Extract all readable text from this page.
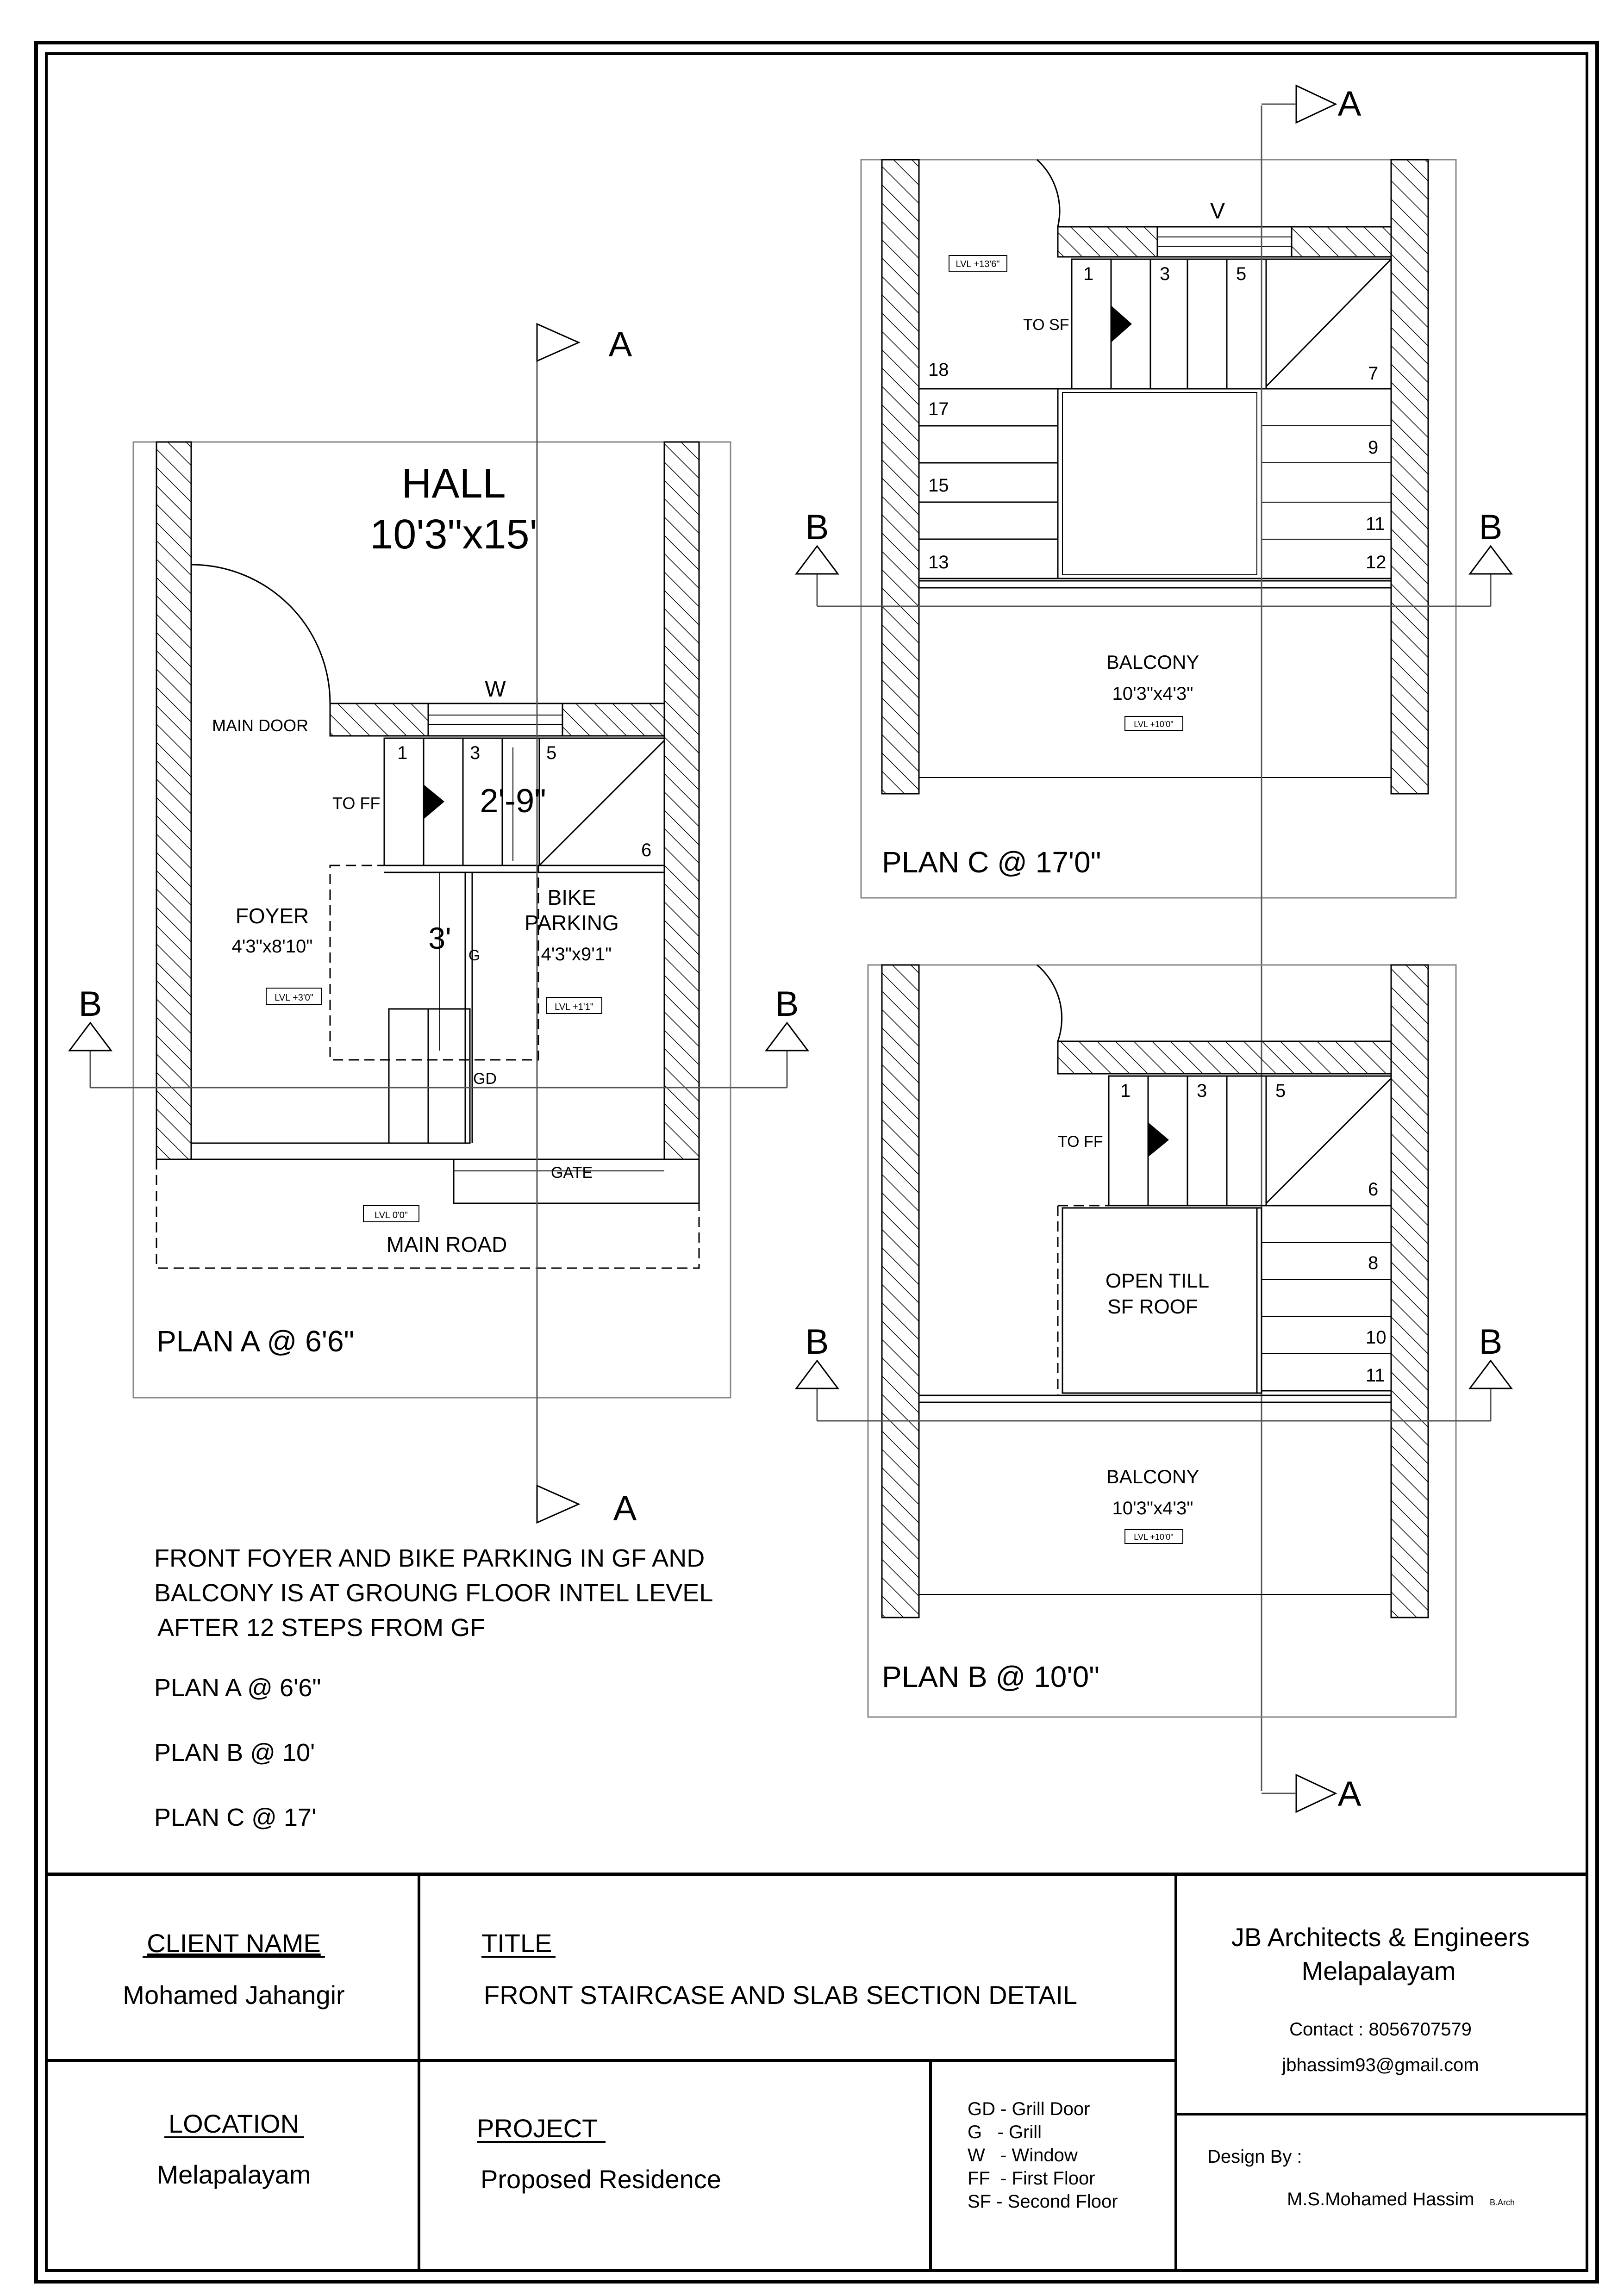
HALL
10'3"x15'
W
MAIN DOOR
TO FF
1	3	5
6
2'-9"
FOYER
4'3"x8'10"
LVL +3'0"
3' G
BIKE
PARKING
4'3"x9'1"
LVL +1'1"
GD
GATE
LVL 0'0"
MAIN ROAD
PLAN A @ 6'6"
A
A
B	B
V
LVL +13'6"
TO SF
1	3	5
7
9
11
12
13
15
17
18
BALCONY
10'3"x4'3"
LVL +10'0"
PLAN C @ 17'0"
A
B	B
TO FF
1	3	5
6
8
10
11
OPEN TILL
SF ROOF
BALCONY
10'3"x4'3"
LVL +10'0"
PLAN B @ 10'0"
A
B	B
FRONT FOYER AND BIKE PARKING IN GF AND
BALCONY IS AT GROUNG FLOOR INTEL LEVEL
AFTER 12 STEPS FROM GF
PLAN A @ 6'6"
PLAN B @ 10'
PLAN C @ 17'
CLIENT NAME
Mohamed Jahangir
TITLE
FRONT STAIRCASE AND SLAB SECTION DETAIL
JB Architects & Engineers
Melapalayam
Contact : 8056707579
jbhassim93@gmail.com
LOCATION
Melapalayam
PROJECT
Proposed Residence
GD - Grill Door
G   - Grill
W   - Window
FF  - First Floor
SF - Second Floor
Design By :
M.S.Mohamed Hassim B.Arch
